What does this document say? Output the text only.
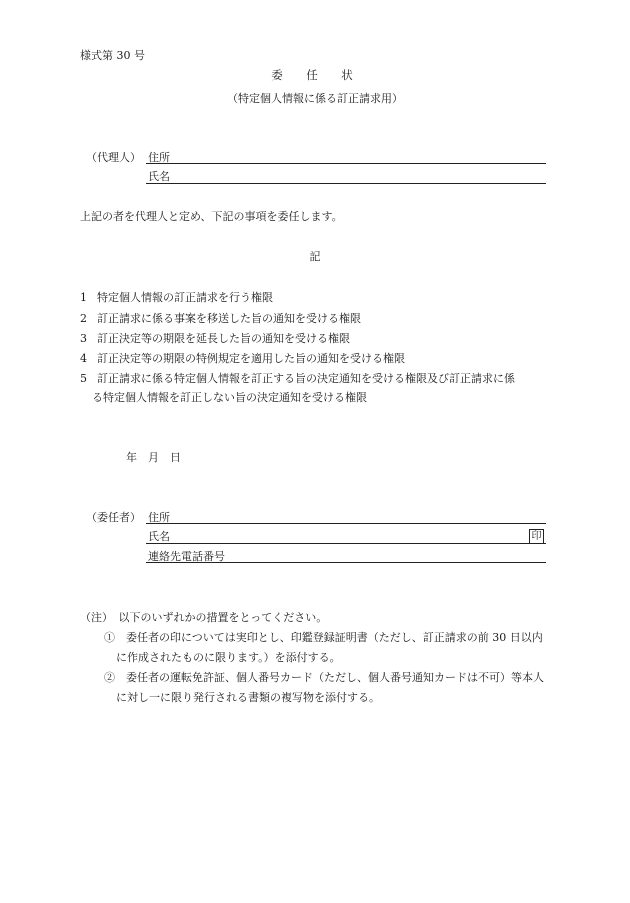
様式第 30 号
委　任　状
（特定個人情報に係る訂正請求用）
（代理人） 住所
氏名
上記の者を代理人と定め、下記の事項を委任します。
記
1 特定個人情報の訂正請求を行う権限
2 訂正請求に係る事案を移送した旨の通知を受ける権限
3 訂正決定等の期限を延長した旨の通知を受ける権限
4 訂正決定等の期限の特例規定を適用した旨の通知を受ける権限
5 訂正請求に係る特定個人情報を訂正する旨の決定通知を受ける権限及び訂正請求に係
る特定個人情報を訂正しない旨の決定通知を受ける権限
年　月　日
（委任者） 住所
氏名	印
連絡先電話番号
（注）　以下のいずれかの措置をとってください。
①　委任者の印については実印とし、印鑑登録証明書（ただし、訂正請求の前 30 日以内
に作成されたものに限ります。）を添付する。
②　委任者の運転免許証、個人番号カード（ただし、個人番号通知カードは不可）等本人
に対し一に限り発行される書類の複写物を添付する。
